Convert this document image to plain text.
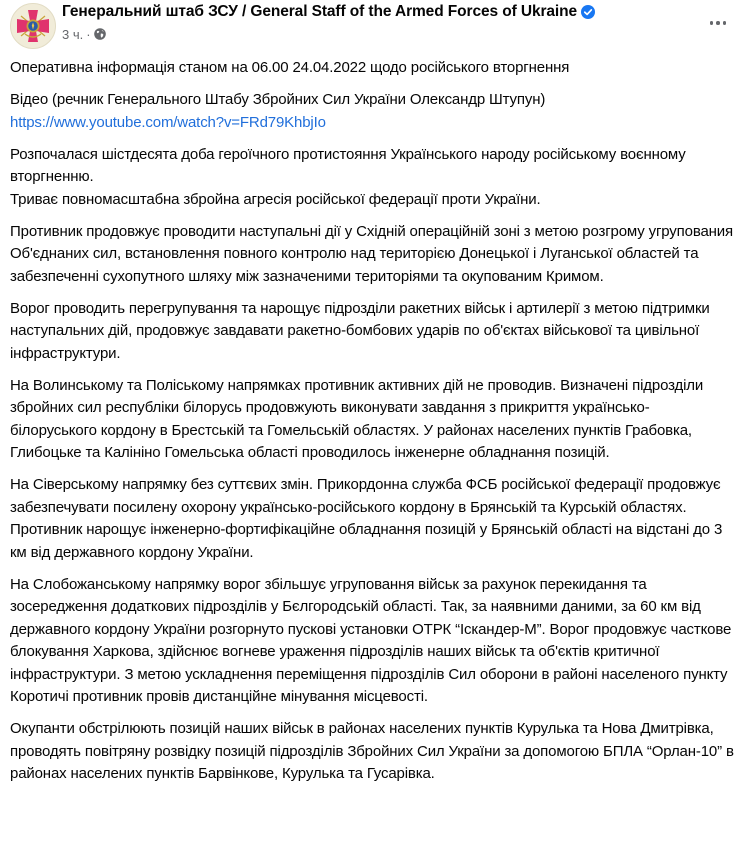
Генеральний штаб ЗСУ / General Staff of the Armed Forces of Ukraine
3 ч. ·

Оперативна інформація станом на 06.00 24.04.2022 щодо російського вторгнення

Відео (речник Генерального Штабу Збройних Сил України Олександр Штупун)
https://www.youtube.com/watch?v=FRd79KhbjIo

Розпочалася шістдесята доба героїчного протистояння Українського народу російському воєнному вторгненню.
Триває повномасштабна збройна агресія російської федерації проти України.

Противник продовжує проводити наступальні дії у Східній операційній зоні з метою розгрому угрупования Об'єднаних сил, встановлення повного контролю над територією Донецької і Луганської областей та забезпеченні сухопутного шляху між зазначеними територіями та окупованим Кримом.

Ворог проводить перегрупування та нарощує підрозділи ракетних військ і артилерії з метою підтримки наступальних дій, продовжує завдавати ракетно-бомбових ударів по об'єктах військової та цивільної інфраструктури.

На Волинському та Поліському напрямках противник активних дій не проводив. Визначені підрозділи збройних сил республіки білорусь продовжують виконувати завдання з прикриття українсько-білоруського кордону в Брестській та Гомельській областях. У районах населених пунктів Грабовка, Глибоцьке та Калініно Гомельська області проводилось інженерне обладнання позицій.

На Сіверському напрямку без суттєвих змін. Прикордонна служба ФСБ російської федерації продовжує забезпечувати посилену охорону українсько-російського кордону в Брянській та Курській областях. Противник нарощує інженерно-фортифікаційне обладнання позицій у Брянській області на відстані до 3 км від державного кордону України.

На Слобожанському напрямку ворог збільшує угруповання військ за рахунок перекидання та зосередження додаткових підрозділів у Бєлгородській області. Так, за наявними даними, за 60 км від державного кордону України розгорнуто пускові установки ОТРК “Іскандер-М”. Ворог продовжує часткове блокування Харкова, здійснює вогневе ураження підрозділів наших військ та об'єктів критичної інфраструктури. З метою ускладнення переміщення підрозділів Сил оборони в районі населеного пункту Коротичі противник провів дистанційне мінування місцевості.

Окупанти обстрілюють позицій наших військ в районах населених пунктів Курулька та Нова Дмитрівка, проводять повітряну розвідку позицій підрозділів Збройних Сил України за допомогою БПЛА “Орлан-10” в районах населених пунктів Барвінкове, Курулька та Гусарівка.
